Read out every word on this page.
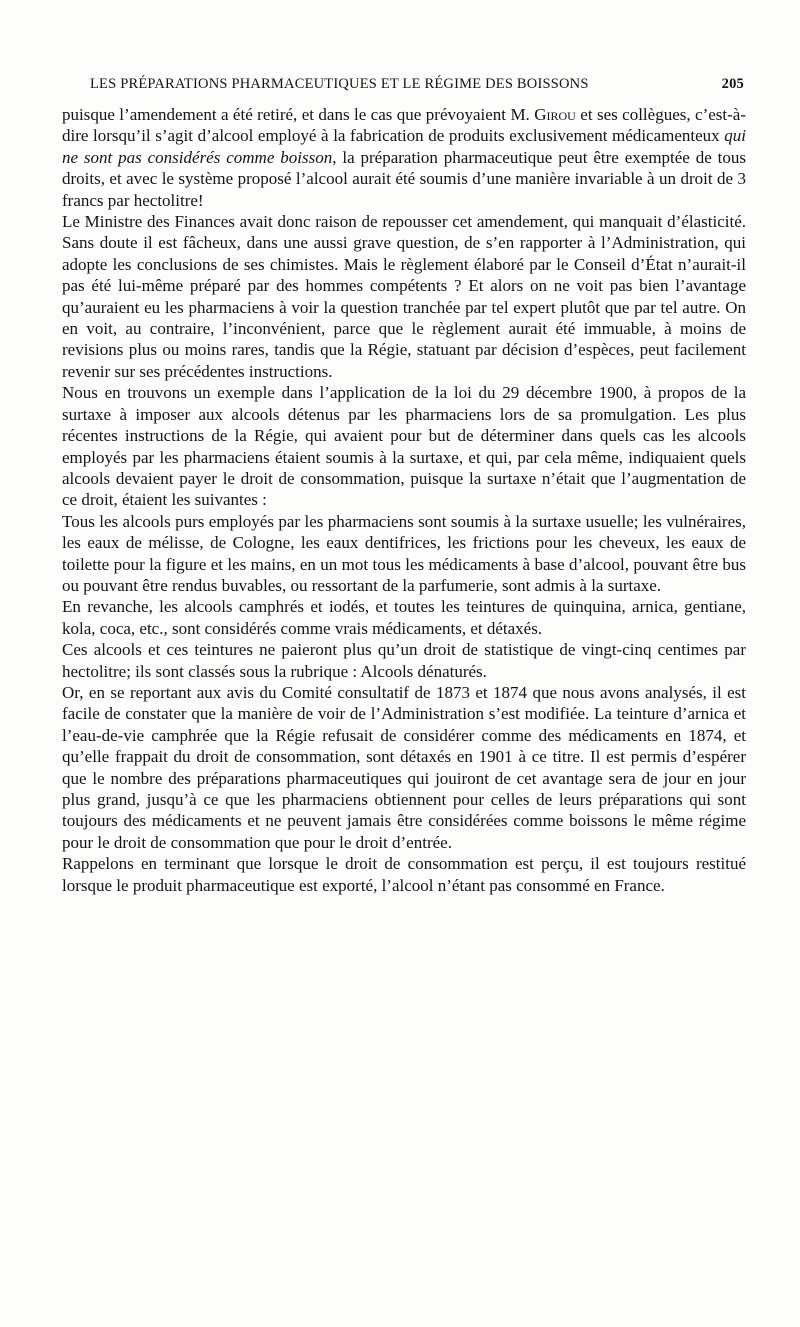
LES PRÉPARATIONS PHARMACEUTIQUES ET LE RÉGIME DES BOISSONS	205

puisque l’amendement a été retiré, et dans le cas que prévoyaient M. Girou et ses collègues, c’est-à-dire lorsqu’il s’agit d’alcool employé à la fabrication de produits exclusivement médicamenteux qui ne sont pas considérés comme boisson, la préparation pharmaceutique peut être exemptée de tous droits, et avec le système proposé l’alcool aurait été soumis d’une manière invariable à un droit de 3 francs par hectolitre!

Le Ministre des Finances avait donc raison de repousser cet amendement, qui manquait d’élasticité. Sans doute il est fâcheux, dans une aussi grave question, de s’en rapporter à l’Administration, qui adopte les conclusions de ses chimistes. Mais le règlement élaboré par le Conseil d’État n’aurait-il pas été lui-même préparé par des hommes compétents ? Et alors on ne voit pas bien l’avantage qu’auraient eu les pharmaciens à voir la question tranchée par tel expert plutôt que par tel autre. On en voit, au contraire, l’inconvénient, parce que le règlement aurait été immuable, à moins de revisions plus ou moins rares, tandis que la Régie, statuant par décision d’espèces, peut facilement revenir sur ses précédentes instructions.

Nous en trouvons un exemple dans l’application de la loi du 29 décembre 1900, à propos de la surtaxe à imposer aux alcools détenus par les pharmaciens lors de sa promulgation. Les plus récentes instructions de la Régie, qui avaient pour but de déterminer dans quels cas les alcools employés par les pharmaciens étaient soumis à la surtaxe, et qui, par cela même, indiquaient quels alcools devaient payer le droit de consommation, puisque la surtaxe n’était que l’augmentation de ce droit, étaient les suivantes :

Tous les alcools purs employés par les pharmaciens sont soumis à la surtaxe usuelle; les vulnéraires, les eaux de mélisse, de Cologne, les eaux dentifrices, les frictions pour les cheveux, les eaux de toilette pour la figure et les mains, en un mot tous les médicaments à base d’alcool, pouvant être bus ou pouvant être rendus buvables, ou ressortant de la parfumerie, sont admis à la surtaxe.

En revanche, les alcools camphrés et iodés, et toutes les teintures de quinquina, arnica, gentiane, kola, coca, etc., sont considérés comme vrais médicaments, et détaxés.

Ces alcools et ces teintures ne paieront plus qu’un droit de statistique de vingt-cinq centimes par hectolitre; ils sont classés sous la rubrique : Alcools dénaturés.

Or, en se reportant aux avis du Comité consultatif de 1873 et 1874 que nous avons analysés, il est facile de constater que la manière de voir de l’Administration s’est modifiée. La teinture d’arnica et l’eau-de-vie camphrée que la Régie refusait de considérer comme des médicaments en 1874, et qu’elle frappait du droit de consommation, sont détaxés en 1901 à ce titre. Il est permis d’espérer que le nombre des préparations pharmaceutiques qui jouiront de cet avantage sera de jour en jour plus grand, jusqu’à ce que les pharmaciens obtiennent pour celles de leurs préparations qui sont toujours des médicaments et ne peuvent jamais être considérées comme boissons le même régime pour le droit de consommation que pour le droit d’entrée.

Rappelons en terminant que lorsque le droit de consommation est perçu, il est toujours restitué lorsque le produit pharmaceutique est exporté, l’alcool n’étant pas consommé en France.
